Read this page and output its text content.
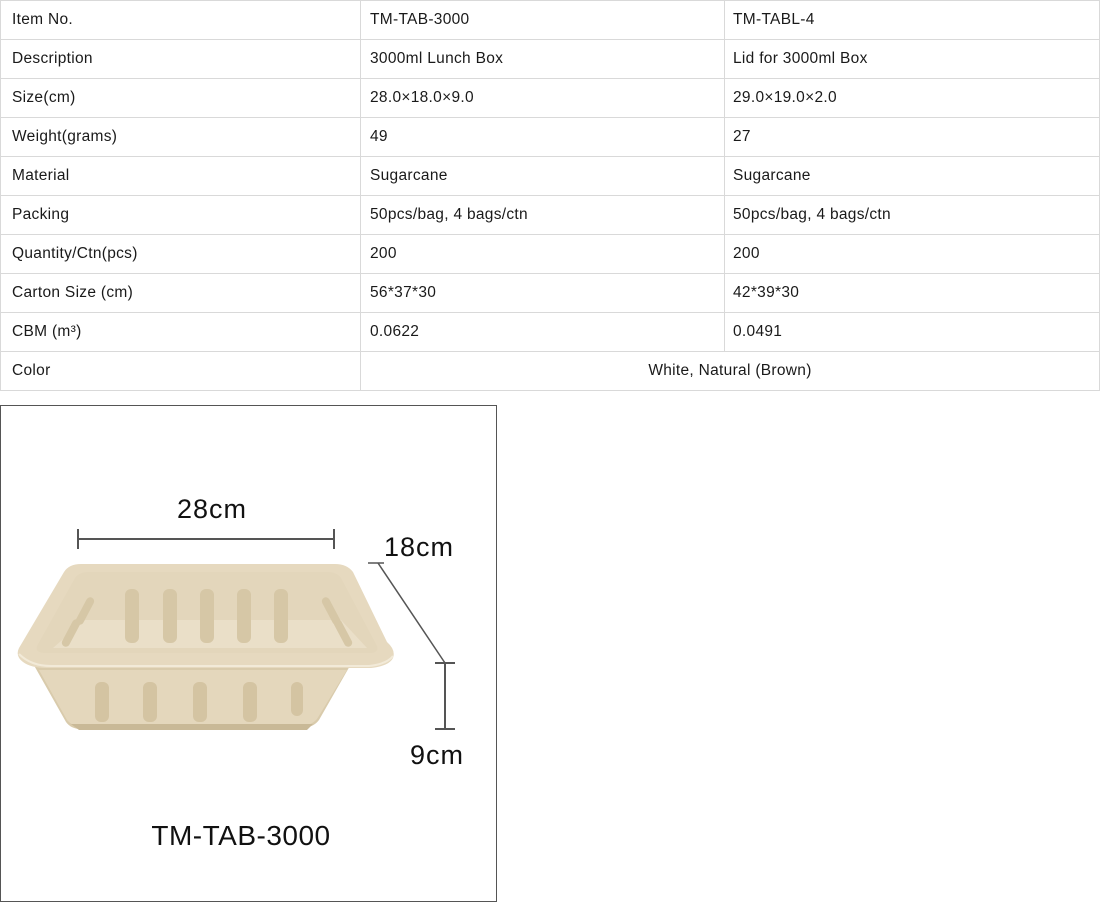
Item No.	TM-TAB-3000	TM-TABL-4
Description	3000ml Lunch Box	Lid for 3000ml Box
Size(cm)	28.0×18.0×9.0	29.0×19.0×2.0
Weight(grams)	49	27
Material	Sugarcane	Sugarcane
Packing	50pcs/bag, 4 bags/ctn	50pcs/bag, 4 bags/ctn
Quantity/Ctn(pcs)	200	200
Carton Size (cm)	56*37*30	42*39*30
CBM (m³)	0.0622	0.0491
Color	White, Natural (Brown)	
28cm
18cm
9cm
TM-TAB-3000
